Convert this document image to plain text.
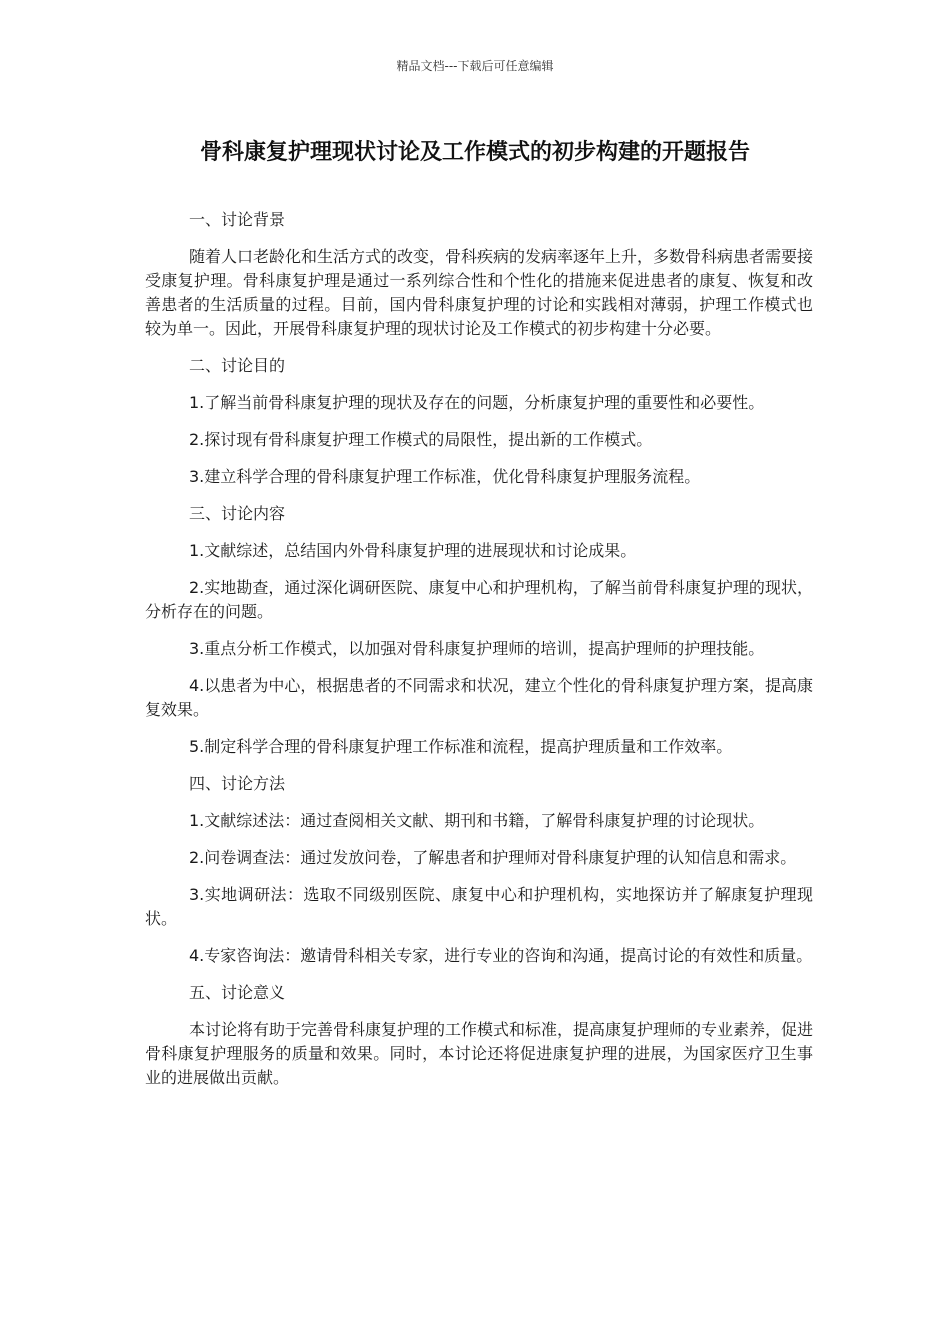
精品文档---下载后可任意编辑
骨科康复护理现状讨论及工作模式的初步构建的开题报告

一、讨论背景

随着人口老龄化和生活方式的改变，骨科疾病的发病率逐年上升，多数骨科病患者需要接受康复护理。骨科康复护理是通过一系列综合性和个性化的措施来促进患者的康复、恢复和改善患者的生活质量的过程。目前，国内骨科康复护理的讨论和实践相对薄弱，护理工作模式也较为单一。因此，开展骨科康复护理的现状讨论及工作模式的初步构建十分必要。

二、讨论目的

1.了解当前骨科康复护理的现状及存在的问题，分析康复护理的重要性和必要性。

2.探讨现有骨科康复护理工作模式的局限性，提出新的工作模式。

3.建立科学合理的骨科康复护理工作标准，优化骨科康复护理服务流程。

三、讨论内容

1.文献综述，总结国内外骨科康复护理的进展现状和讨论成果。

2.实地勘查，通过深化调研医院、康复中心和护理机构，了解当前骨科康复护理的现状，分析存在的问题。

3.重点分析工作模式，以加强对骨科康复护理师的培训，提高护理师的护理技能。

4.以患者为中心，根据患者的不同需求和状况，建立个性化的骨科康复护理方案，提高康复效果。

5.制定科学合理的骨科康复护理工作标准和流程，提高护理质量和工作效率。

四、讨论方法

1.文献综述法：通过查阅相关文献、期刊和书籍，了解骨科康复护理的讨论现状。

2.问卷调查法：通过发放问卷，了解患者和护理师对骨科康复护理的认知信息和需求。

3.实地调研法：选取不同级别医院、康复中心和护理机构，实地探访并了解康复护理现状。

4.专家咨询法：邀请骨科相关专家，进行专业的咨询和沟通，提高讨论的有效性和质量。

五、讨论意义

本讨论将有助于完善骨科康复护理的工作模式和标准，提高康复护理师的专业素养，促进骨科康复护理服务的质量和效果。同时，本讨论还将促进康复护理的进展，为国家医疗卫生事业的进展做出贡献。
